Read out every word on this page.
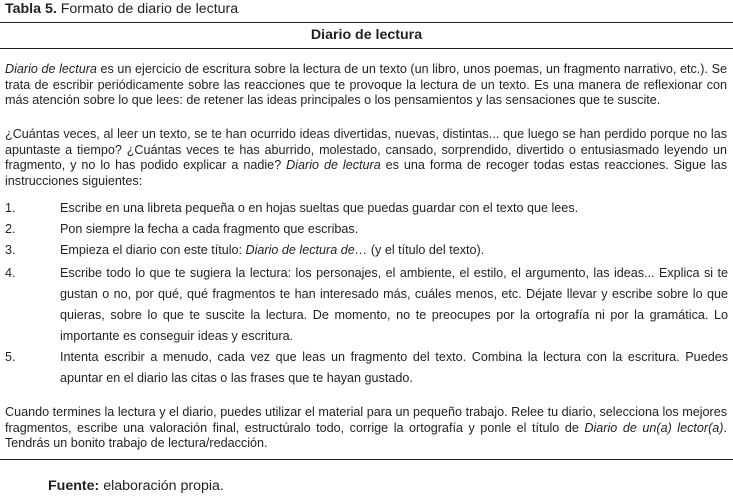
Tabla 5. Formato de diario de lectura
Diario de lectura
Diario de lectura es un ejercicio de escritura sobre la lectura de un texto (un libro, unos poemas, un fragmento narrativo, etc.). Se trata de escribir periódicamente sobre las reacciones que te provoque la lectura de un texto. Es una manera de reflexionar con más atención sobre lo que lees: de retener las ideas principales o los pensamientos y las sensaciones que te suscite.
¿Cuántas veces, al leer un texto, se te han ocurrido ideas divertidas, nuevas, distintas... que luego se han perdido porque no las apuntaste a tiempo? ¿Cuántas veces te has aburrido, molestado, cansado, sorprendido, divertido o entusiasmado leyendo un fragmento, y no lo has podido explicar a nadie? Diario de lectura es una forma de recoger todas estas reacciones. Sigue las instrucciones siguientes:
1.	Escribe en una libreta pequeña o en hojas sueltas que puedas guardar con el texto que lees.
2.	Pon siempre la fecha a cada fragmento que escribas.
3.	Empieza el diario con este título: Diario de lectura de… (y el título del texto).
4.	Escribe todo lo que te sugiera la lectura: los personajes, el ambiente, el estilo, el argumento, las ideas... Explica si te gustan o no, por qué, qué fragmentos te han interesado más, cuáles menos, etc. Déjate llevar y escribe sobre lo que quieras, sobre lo que te suscite la lectura. De momento, no te preocupes por la ortografía ni por la gramática. Lo importante es conseguir ideas y escritura.
5.	Intenta escribir a menudo, cada vez que leas un fragmento del texto. Combina la lectura con la escritura. Puedes apuntar en el diario las citas o las frases que te hayan gustado.
Cuando termines la lectura y el diario, puedes utilizar el material para un pequeño trabajo. Relee tu diario, selecciona los mejores fragmentos, escribe una valoración final, estructúralo todo, corrige la ortografía y ponle el título de Diario de un(a) lector(a). Tendrás un bonito trabajo de lectura/redacción.
Fuente: elaboración propia.
